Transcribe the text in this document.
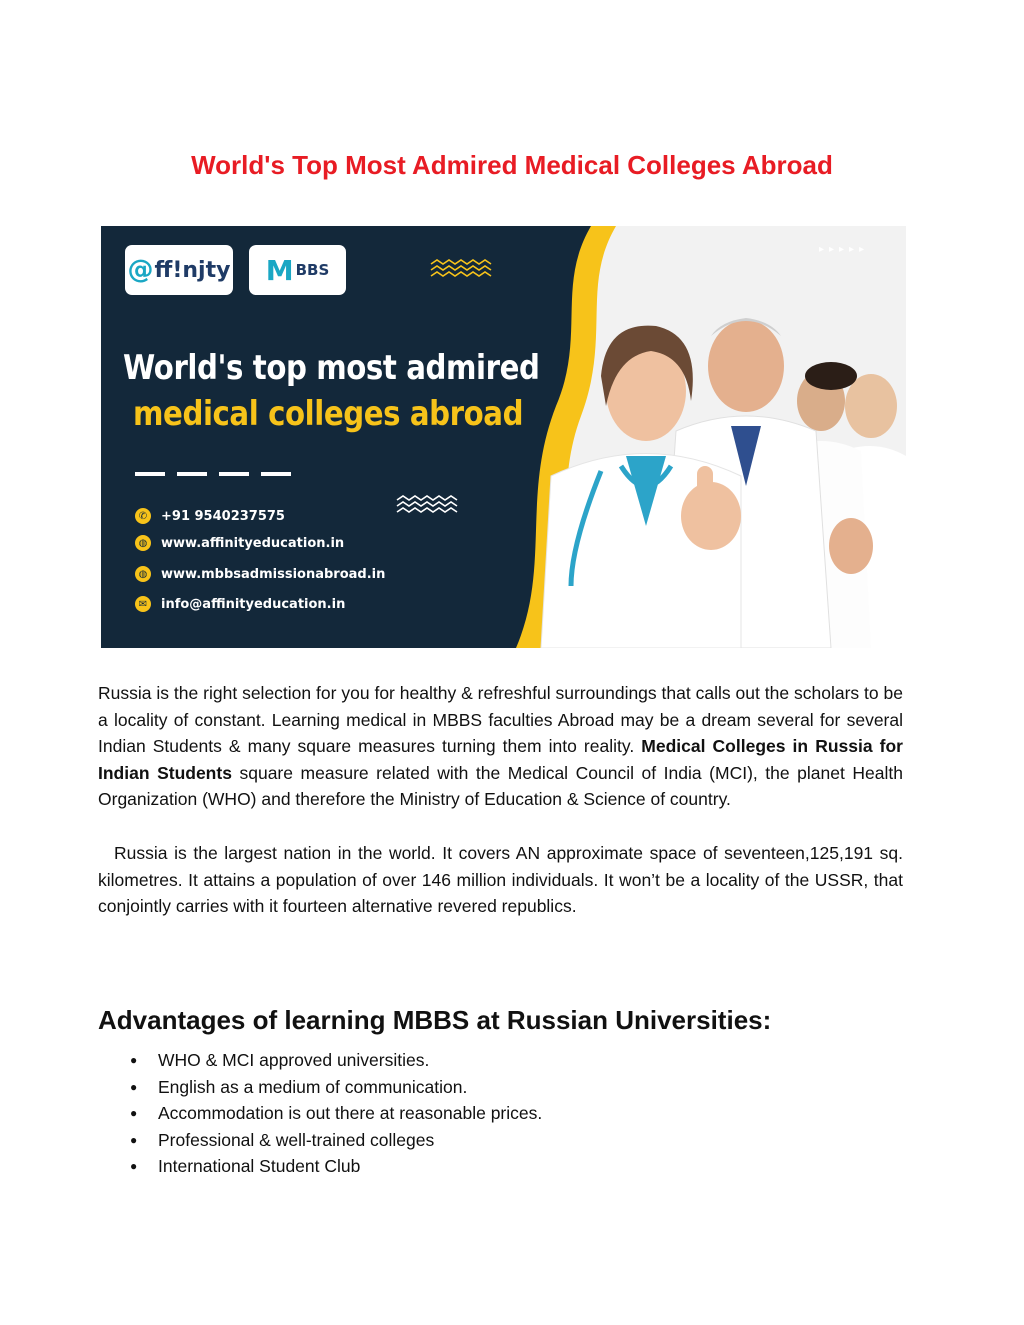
World's Top Most Admired Medical Colleges Abroad
@ ff!njty M BBS
▸▸▸▸▸
World's top most admired
medical colleges abroad
✆ +91 9540237575
◍ www.affinityeducation.in
◍ www.mbbsadmissionabroad.in
✉ info@affinityeducation.in

Russia is the right selection for you for healthy & refreshful surroundings that calls out the scholars to be a locality of constant. Learning medical in MBBS faculties Abroad may be a dream several for several Indian Students & many square measures turning them into reality. Medical Colleges in Russia for Indian Students square measure related with the Medical Council of India (MCI), the planet Health Organization (WHO) and therefore the Ministry of Education & Science of country.

Russia is the largest nation in the world. It covers AN approximate space of seventeen,125,191 sq. kilometres. It attains a population of over 146 million individuals. It won’t be a locality of the USSR, that conjointly carries with it fourteen alternative revered republics.

Advantages of learning MBBS at Russian Universities:
● WHO & MCI approved universities.
● English as a medium of communication.
● Accommodation is out there at reasonable prices.
● Professional & well-trained colleges
● International Student Club
